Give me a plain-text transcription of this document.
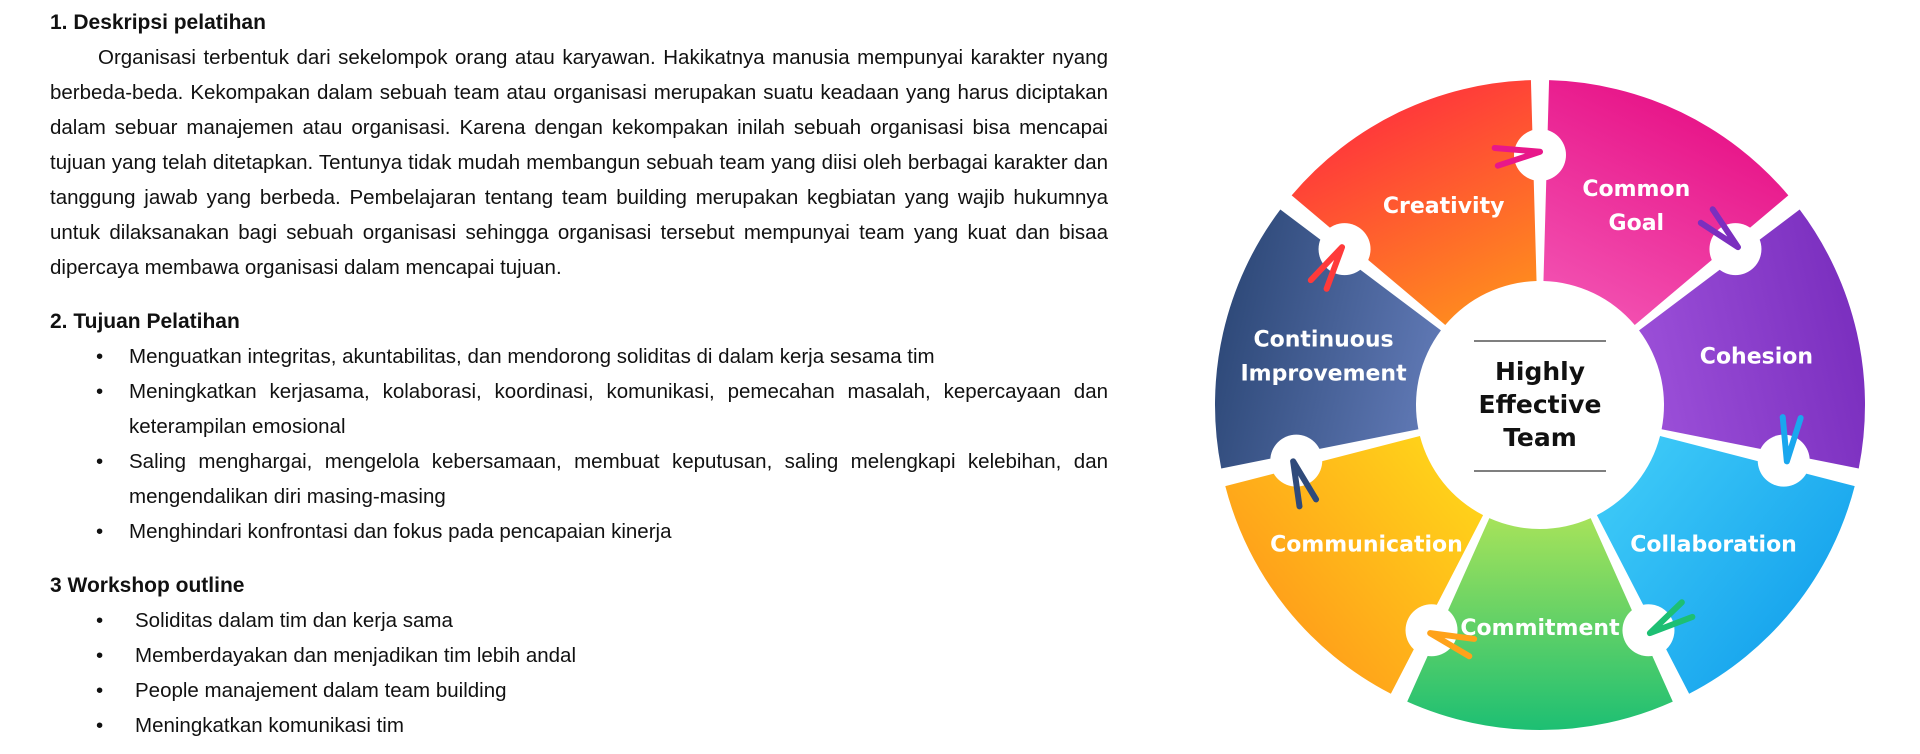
1. Deskripsi pelatihan

Organisasi terbentuk dari sekelompok orang atau karyawan. Hakikatnya manusia mempunyai karakter nyang berbeda-beda. Kekompakan dalam sebuah team atau organisasi merupakan suatu keadaan yang harus diciptakan dalam sebuar manajemen atau organisasi. Karena dengan kekompakan inilah sebuah organisasi bisa mencapai tujuan yang telah ditetapkan. Tentunya tidak mudah membangun sebuah team yang diisi oleh berbagai karakter dan tanggung jawab yang berbeda. Pembelajaran tentang team building merupakan kegbiatan yang wajib hukumnya untuk dilaksanakan bagi sebuah organisasi sehingga organisasi tersebut mempunyai team yang kuat dan bisaa dipercaya membawa organisasi dalam mencapai tujuan.

2. Tujuan Pelatihan

• Menguatkan integritas, akuntabilitas, dan mendorong soliditas di dalam kerja sesama tim
• Meningkatkan kerjasama, kolaborasi, koordinasi, komunikasi, pemecahan masalah, kepercayaan dan keterampilan emosional
• Saling menghargai, mengelola kebersamaan, membuat keputusan, saling melengkapi kelebihan, dan mengendalikan diri masing-masing
• Menghindari konfrontasi dan fokus pada pencapaian kinerja

3 Workshop outline

• Soliditas dalam tim dan kerja sama
• Memberdayakan dan menjadikan tim lebih andal
• People manajement dalam team building
• Meningkatkan komunikasi tim
Common Goal
Cohesion
Collaboration
Commitment
Communication
Continuous Improvement
Creativity
Highly Effective Team
